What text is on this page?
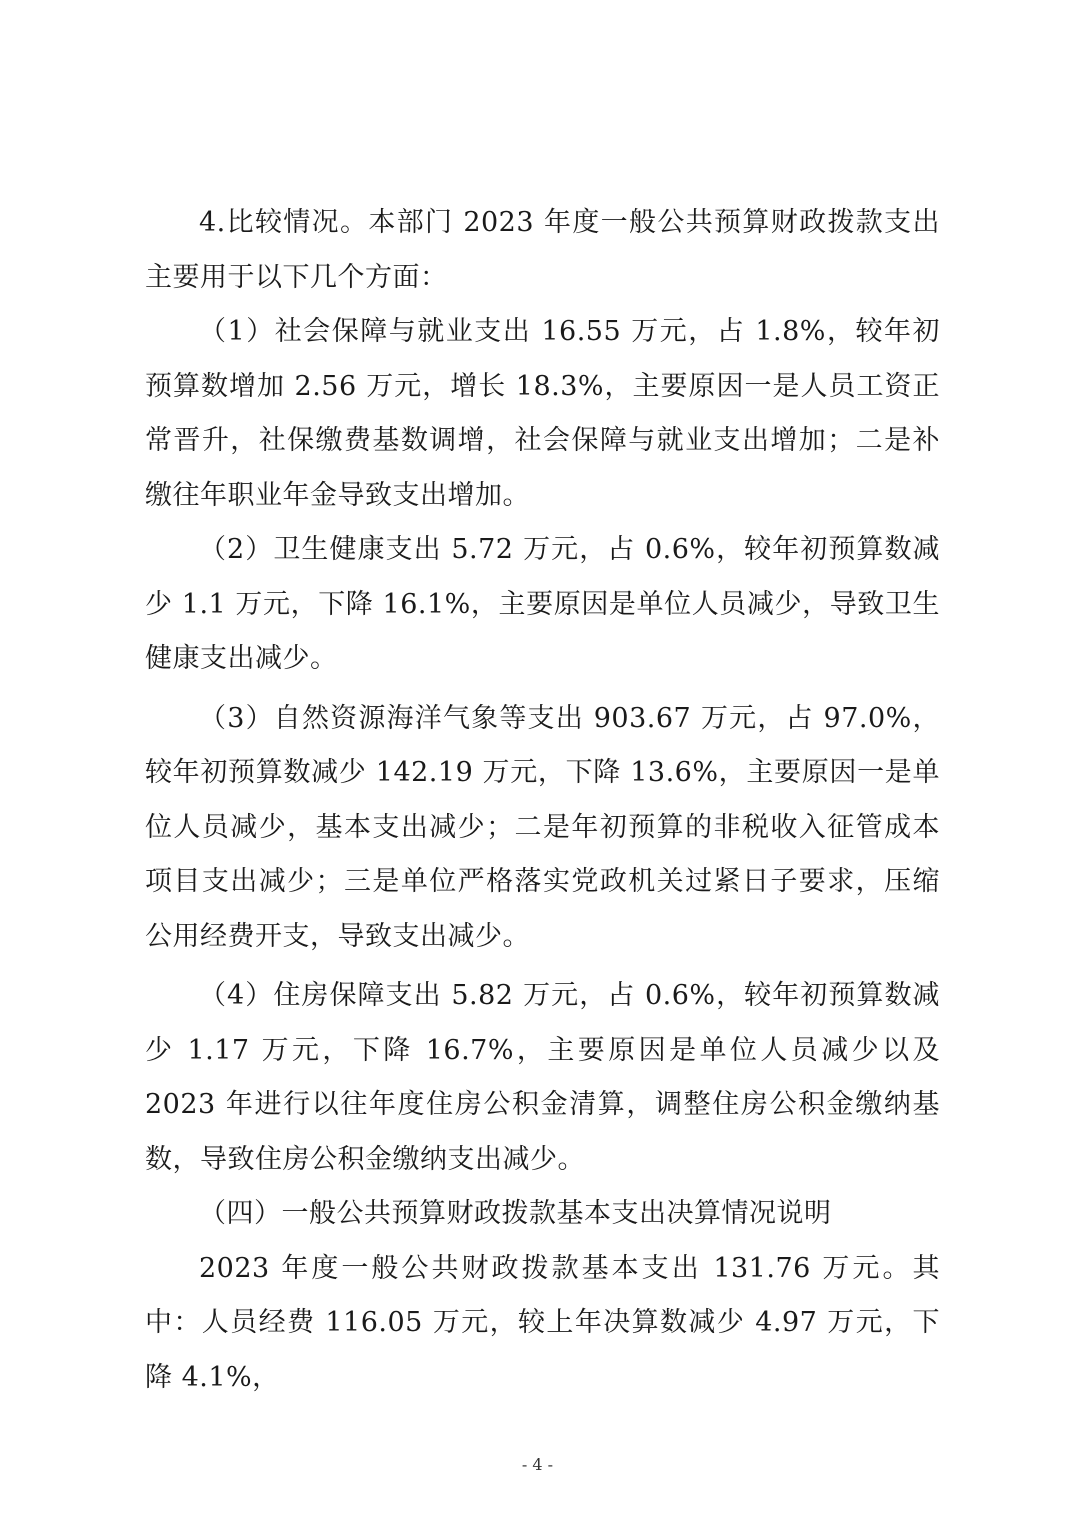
4.比较情况。本部门 2023 年度一般公共预算财政拨款支出主要用于以下几个方面：

（1）社会保障与就业支出 16.55 万元，占 1.8%，较年初预算数增加 2.56 万元，增长 18.3%，主要原因一是人员工资正常晋升，社保缴费基数调增，社会保障与就业支出增加；二是补缴往年职业年金导致支出增加。

（2）卫生健康支出 5.72 万元，占 0.6%，较年初预算数减少 1.1 万元，下降 16.1%，主要原因是单位人员减少，导致卫生健康支出减少。

（3）自然资源海洋气象等支出 903.67 万元，占 97.0%，较年初预算数减少 142.19 万元，下降 13.6%，主要原因一是单位人员减少，基本支出减少；二是年初预算的非税收入征管成本项目支出减少；三是单位严格落实党政机关过紧日子要求，压缩公用经费开支，导致支出减少。

（4）住房保障支出 5.82 万元，占 0.6%，较年初预算数减少 1.17 万元，下降 16.7%，主要原因是单位人员减少以及 2023 年进行以往年度住房公积金清算，调整住房公积金缴纳基数，导致住房公积金缴纳支出减少。

（四）一般公共预算财政拨款基本支出决算情况说明

2023 年度一般公共财政拨款基本支出 131.76 万元。其中：人员经费 116.05 万元，较上年决算数减少 4.97 万元，下降 4.1%，

- 4 -
